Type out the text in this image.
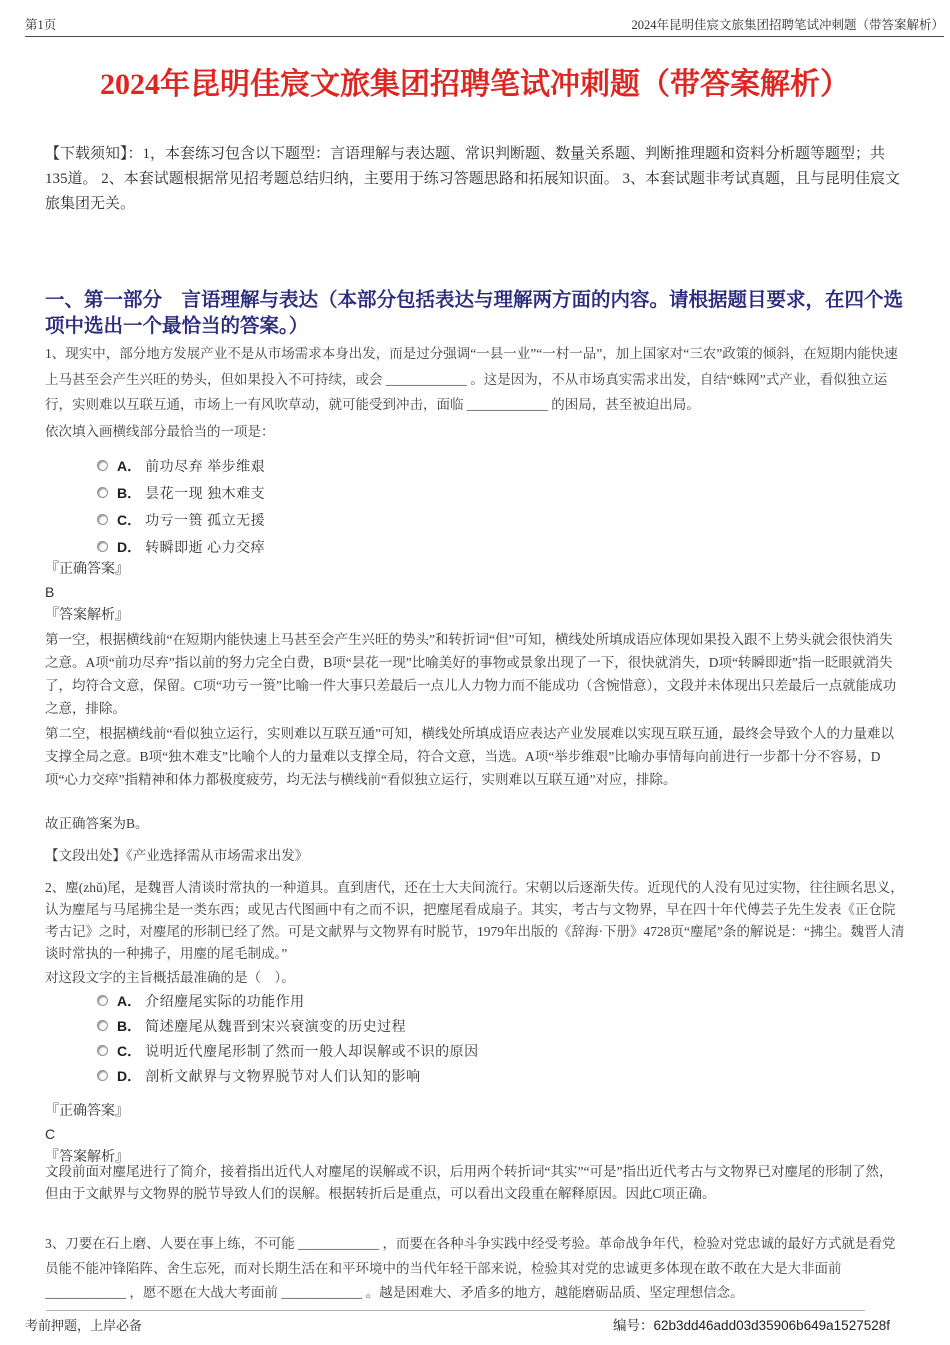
第1页	2024年昆明佳宸文旅集团招聘笔试冲刺题（带答案解析）
2024年昆明佳宸文旅集团招聘笔试冲刺题（带答案解析）

【下载须知】：1，本套练习包含以下题型：言语理解与表达题、常识判断题、数量关系题、判断推理题和资料分析题等题型；共135道。 2、本套试题根据常见招考题总结归纳，主要用于练习答题思路和拓展知识面。 3、本套试题非考试真题，且与昆明佳宸文旅集团无关。

一、第一部分　言语理解与表达（本部分包括表达与理解两方面的内容。请根据题目要求，在四个选项中选出一个最恰当的答案。）

1、现实中，部分地方发展产业不是从市场需求本身出发，而是过分强调“一县一业”“一村一品”，加上国家对“三农”政策的倾斜，在短期内能快速上马甚至会产生兴旺的势头，但如果投入不可持续，或会 ____________ 。这是因为，不从市场真实需求出发，自结“蛛网”式产业，看似独立运行，实则难以互联互通，市场上一有风吹草动，就可能受到冲击，面临 ____________ 的困局，甚至被迫出局。

依次填入画横线部分最恰当的一项是：

A． 前功尽弃 举步维艰
B． 昙花一现 独木难支
C． 功亏一篑 孤立无援
D． 转瞬即逝 心力交瘁

『正确答案』

B

『答案解析』

第一空，根据横线前“在短期内能快速上马甚至会产生兴旺的势头”和转折词“但”可知，横线处所填成语应体现如果投入跟不上势头就会很快消失之意。A项“前功尽弃”指以前的努力完全白费，B项“昙花一现”比喻美好的事物或景象出现了一下，很快就消失，D项“转瞬即逝”指一眨眼就消失了，均符合文意，保留。C项“功亏一篑”比喻一件大事只差最后一点儿人力物力而不能成功（含惋惜意），文段并未体现出只差最后一点就能成功之意，排除。

第二空，根据横线前“看似独立运行，实则难以互联互通”可知，横线处所填成语应表达产业发展难以实现互联互通，最终会导致个人的力量难以支撑全局之意。B项“独木难支”比喻个人的力量难以支撑全局，符合文意，当选。A项“举步维艰”比喻办事情每向前进行一步都十分不容易，D项“心力交瘁”指精神和体力都极度疲劳，均无法与横线前“看似独立运行，实则难以互联互通”对应，排除。

故正确答案为B。

【文段出处】《产业选择需从市场需求出发》

2、麈(zhǔ)尾，是魏晋人清谈时常执的一种道具。直到唐代，还在士大夫间流行。宋朝以后逐渐失传。近现代的人没有见过实物，往往顾名思义，认为麈尾与马尾拂尘是一类东西；或见古代图画中有之而不识，把麈尾看成扇子。其实，考古与文物界，早在四十年代傅芸子先生发表《正仓院考古记》之时，对麈尾的形制已经了然。可是文献界与文物界有时脱节，1979年出版的《辞海·下册》4728页“麈尾”条的解说是：“拂尘。魏晋人清谈时常执的一种拂子，用麈的尾毛制成。”

对这段文字的主旨概括最准确的是（　）。

A． 介绍麈尾实际的功能作用
B． 简述麈尾从魏晋到宋兴衰演变的历史过程
C． 说明近代麈尾形制了然而一般人却误解或不识的原因
D． 剖析文献界与文物界脱节对人们认知的影响

『正确答案』

C

『答案解析』

文段前面对麈尾进行了简介，接着指出近代人对麈尾的误解或不识，后用两个转折词“其实”“可是”指出近代考古与文物界已对麈尾的形制了然，但由于文献界与文物界的脱节导致人们的误解。根据转折后是重点，可以看出文段重在解释原因。因此C项正确。

3、刀要在石上磨、人要在事上练，不可能 ____________ ，而要在各种斗争实践中经受考验。革命战争年代，检验对党忠诚的最好方式就是看党员能不能冲锋陷阵、舍生忘死，而对长期生活在和平环境中的当代年轻干部来说，检验其对党的忠诚更多体现在敢不敢在大是大非面前 ____________ ，愿不愿在大战大考面前 ____________ 。越是困难大、矛盾多的地方，越能磨砺品质、坚定理想信念。

考前押题，上岸必备	编号：62b3dd46add03d35906b649a1527528f
